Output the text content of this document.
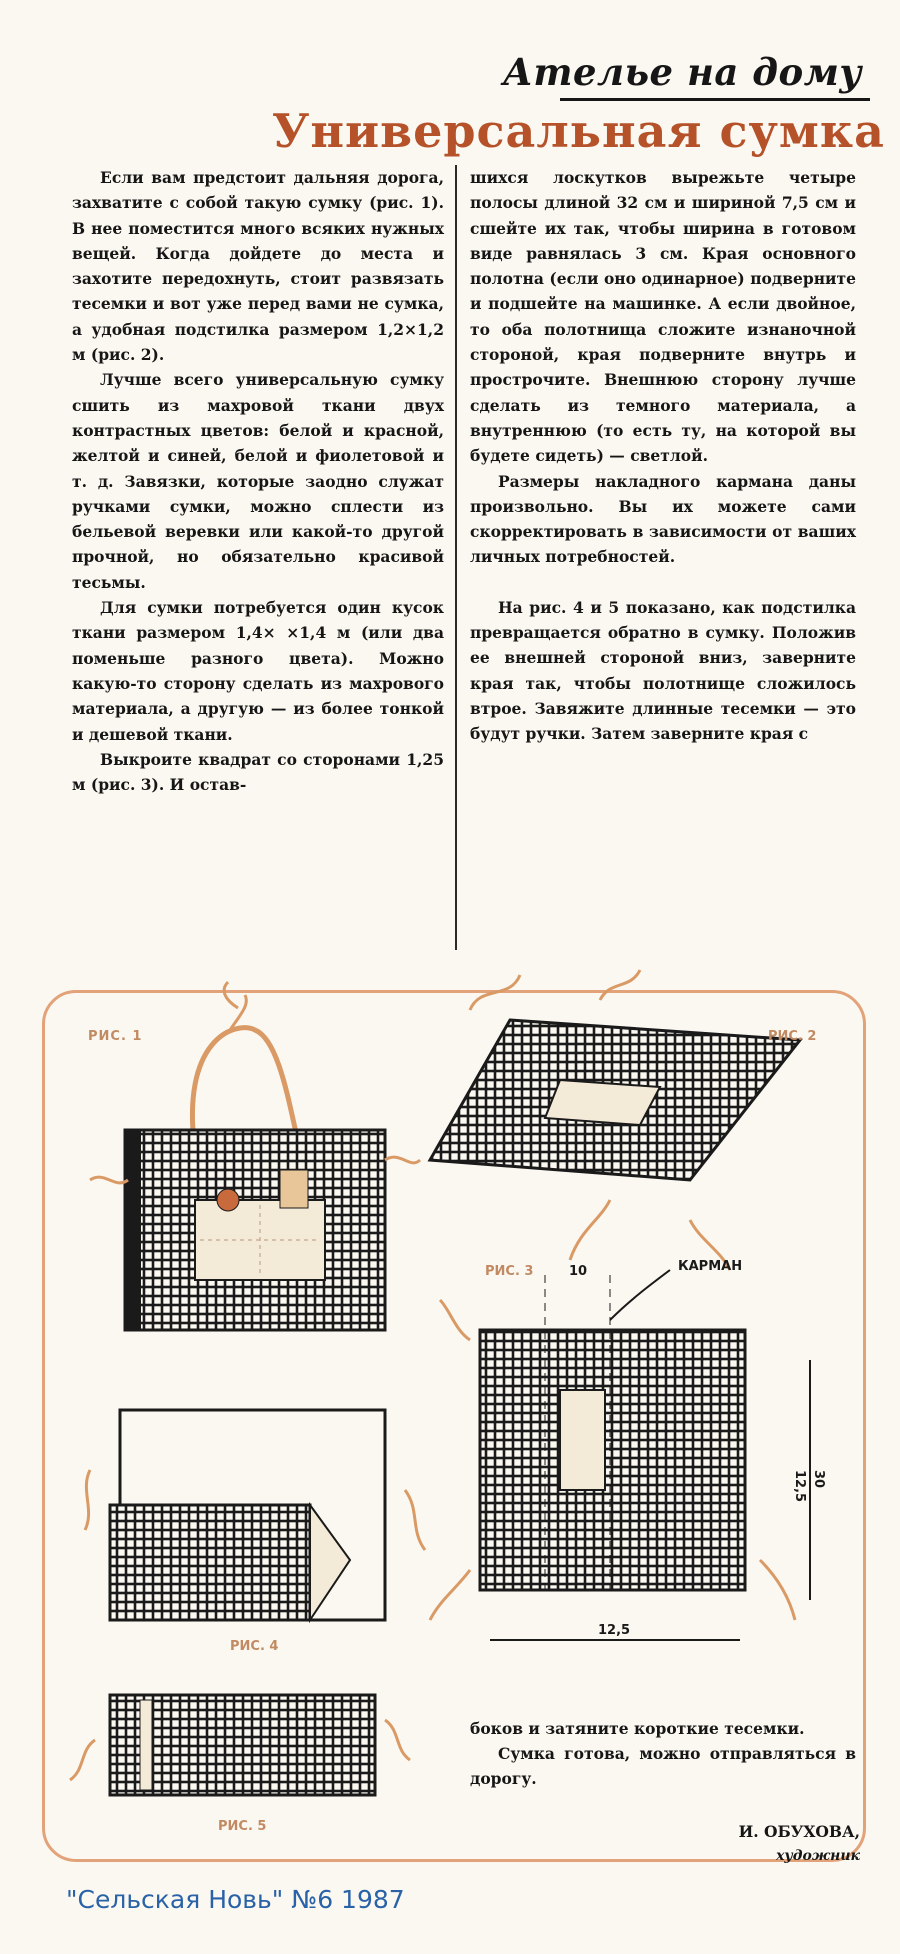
Ателье на дому
Универсальная сумка

Если вам предстоит дальняя дорога, захватите с собой такую сумку (рис. 1). В нее поместится много всяких нужных вещей. Когда дойдете до места и захотите передохнуть, стоит развязать тесемки и вот уже перед вами не сумка, а удобная подстилка размером 1,2×1,2 м (рис. 2).

Лучше всего универсальную сумку сшить из махровой ткани двух контрастных цветов: белой и красной, желтой и синей, белой и фиолетовой и т. д. Завязки, которые заодно служат ручками сумки, можно сплести из бельевой веревки или какой-то другой прочной, но обязательно красивой тесьмы.

Для сумки потребуется один кусок ткани размером 1,4× ×1,4 м (или два поменьше разного цвета). Можно какую-то сторону сделать из махрового материала, а другую — из более тонкой и дешевой ткани.

Выкроите квадрат со сторонами 1,25 м (рис. 3). И остав-

шихся лоскутков вырежьте четыре полосы длиной 32 см и шириной 7,5 см и сшейте их так, чтобы ширина в готовом виде равнялась 3 см. Края основного полотна (если оно одинарное) подверните и подшейте на машинке. А если двойное, то оба полотнища сложите изнаночной стороной, края подверните внутрь и прострочите. Внешнюю сторону лучше сделать из темного материала, а внутреннюю (то есть ту, на которой вы будете сидеть) — светлой.

Размеры накладного кармана даны произвольно. Вы их можете сами скорректировать в зависимости от ваших личных потребностей.

На рис. 4 и 5 показано, как подстилка превращается обратно в сумку. Положив ее внешней стороной вниз, заверните края так, чтобы полотнище сложилось втрое. Завяжите длинные тесемки — это будут ручки. Затем заверните края с

РИС. 1	РИС. 2
РИС. 3	КАРМАН
10
12,5 30
12,5
РИС. 4
РИС. 5

боков и затяните короткие тесемки.

Сумка готова, можно отправляться в дорогу.

И. ОБУХОВА,
художник
"Сельская Новь" №6 1987
